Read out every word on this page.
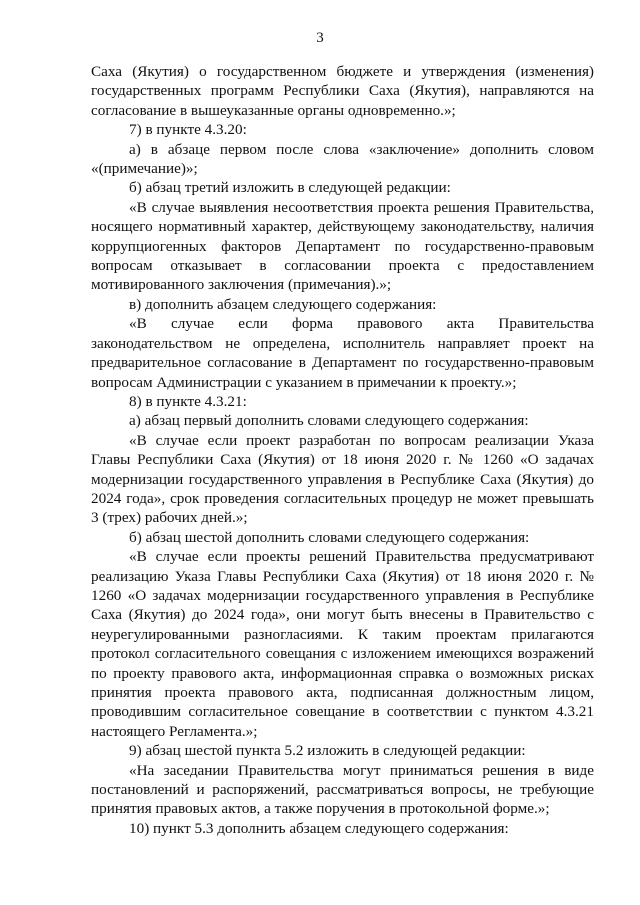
3

Саха (Якутия) о государственном бюджете и утверждения (изменения) государственных программ Республики Саха (Якутия), направляются на согласование в вышеуказанные органы одновременно.»;

7) в пункте 4.3.20:

а) в абзаце первом после слова «заключение» дополнить словом «(примечание)»;

б) абзац третий изложить в следующей редакции:

«В случае выявления несоответствия проекта решения Правительства, носящего нормативный характер, действующему законодательству, наличия коррупциогенных факторов Департамент по государственно-правовым вопросам отказывает в согласовании проекта с предоставлением мотивированного заключения (примечания).»;

в) дополнить абзацем следующего содержания:

«В случае если форма правового акта Правительства законодательством не определена, исполнитель направляет проект на предварительное согласование в Департамент по государственно-правовым вопросам Администрации с указанием в примечании к проекту.»;

8) в пункте 4.3.21:

а) абзац первый дополнить словами следующего содержания:

«В случае если проект разработан по вопросам реализации Указа Главы Республики Саха (Якутия) от 18 июня 2020 г. № 1260 «О задачах модернизации государственного управления в Республике Саха (Якутия) до 2024 года», срок проведения согласительных процедур не может превышать 3 (трех) рабочих дней.»;

б) абзац шестой дополнить словами следующего содержания:

«В случае если проекты решений Правительства предусматривают реализацию Указа Главы Республики Саха (Якутия) от 18 июня 2020 г. № 1260 «О задачах модернизации государственного управления в Республике Саха (Якутия) до 2024 года», они могут быть внесены в Правительство с неурегулированными разногласиями. К таким проектам прилагаются протокол согласительного совещания с изложением имеющихся возражений по проекту правового акта, информационная справка о возможных рисках принятия проекта правового акта, подписанная должностным лицом, проводившим согласительное совещание в соответствии с пунктом 4.3.21 настоящего Регламента.»;

9) абзац шестой пункта 5.2 изложить в следующей редакции:

«На заседании Правительства могут приниматься решения в виде постановлений и распоряжений, рассматриваться вопросы, не требующие принятия правовых актов, а также поручения в протокольной форме.»;

10) пункт 5.3 дополнить абзацем следующего содержания:
